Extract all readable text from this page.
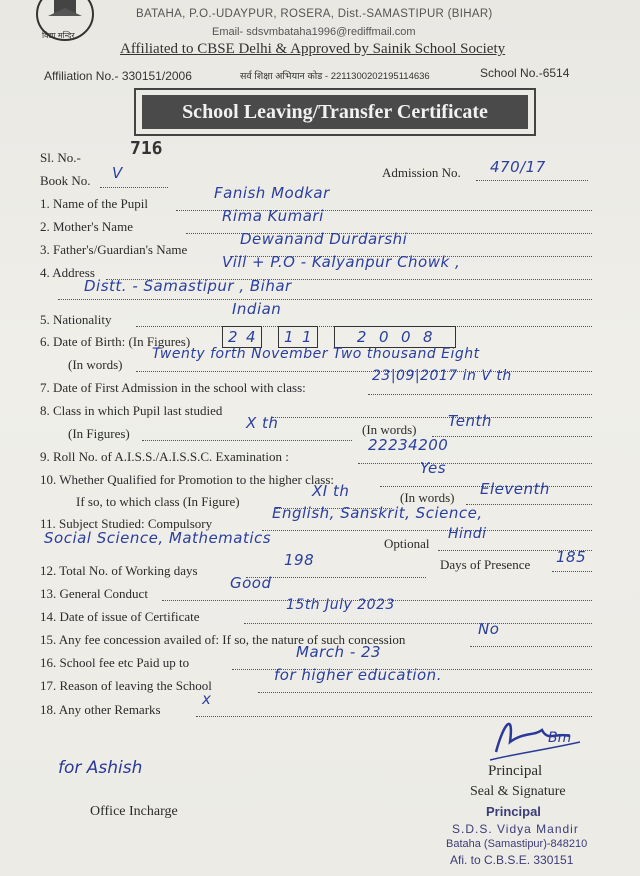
विद्या मन्दिर
BATAHA, P.O.-UDAYPUR, ROSERA, Dist.-SAMASTIPUR (BIHAR)
Email- sdsvmbataha1996@rediffmail.com
Affiliated to CBSE Delhi & Approved by Sainik School Society
Affiliation No.- 330151/2006	सर्व शिक्षा अभियान कोड - 22113002021951146​36	School No.-6514
School Leaving/Transfer Certificate
Sl. No.-	716
Book No. V	Admission No. 470/17
1. Name of the Pupil
Fanish Modkar
2. Mother's Name
Rima Kumari
3. Father's/Guardian's Name
Dewanand Durdarshi
4. Address
Vill + P.O - Kalyanpur Chowk ,
Distt. - Samastipur , Bihar
5. Nationality
Indian
6. Date of Birth: (In Figures)	2 4	1 1	2 0 0 8
(In words)
Twenty forth November Two thousand Eight
7. Date of First Admission in the school with class:
23|09|2017 in V th
8. Class in which Pupil last studied
(In Figures)
X th	(In words) Tenth
9. Roll No. of A.I.S.S./A.I.S.S.C. Examination :
22234200
10. Whether Qualified for Promotion to the higher class:
Yes
If so, to which class (In Figure)
XI th	(In words) Eleventh
11. Subject Studied: Compulsory
English, Sanskrit, Science,
Social Science, Mathematics	Optional
Hindi
12. Total No. of Working days
198	Days of Presence 185
13. General Conduct
Good
14. Date of issue of Certificate
15th July 2023
15. Any fee concession availed of: If so, the nature of such concession
No
16. School fee etc Paid up to
March - 23
17. Reason of leaving the School
for higher education.
18. Any other Remarks
x
for Ashish
Office Incharge
Bm
Principal
Seal & Signature
Principal
S.D.S. Vidya Mandir
Bataha (Samastipur)-848210
Afi. to C.B.S.E. 330151
